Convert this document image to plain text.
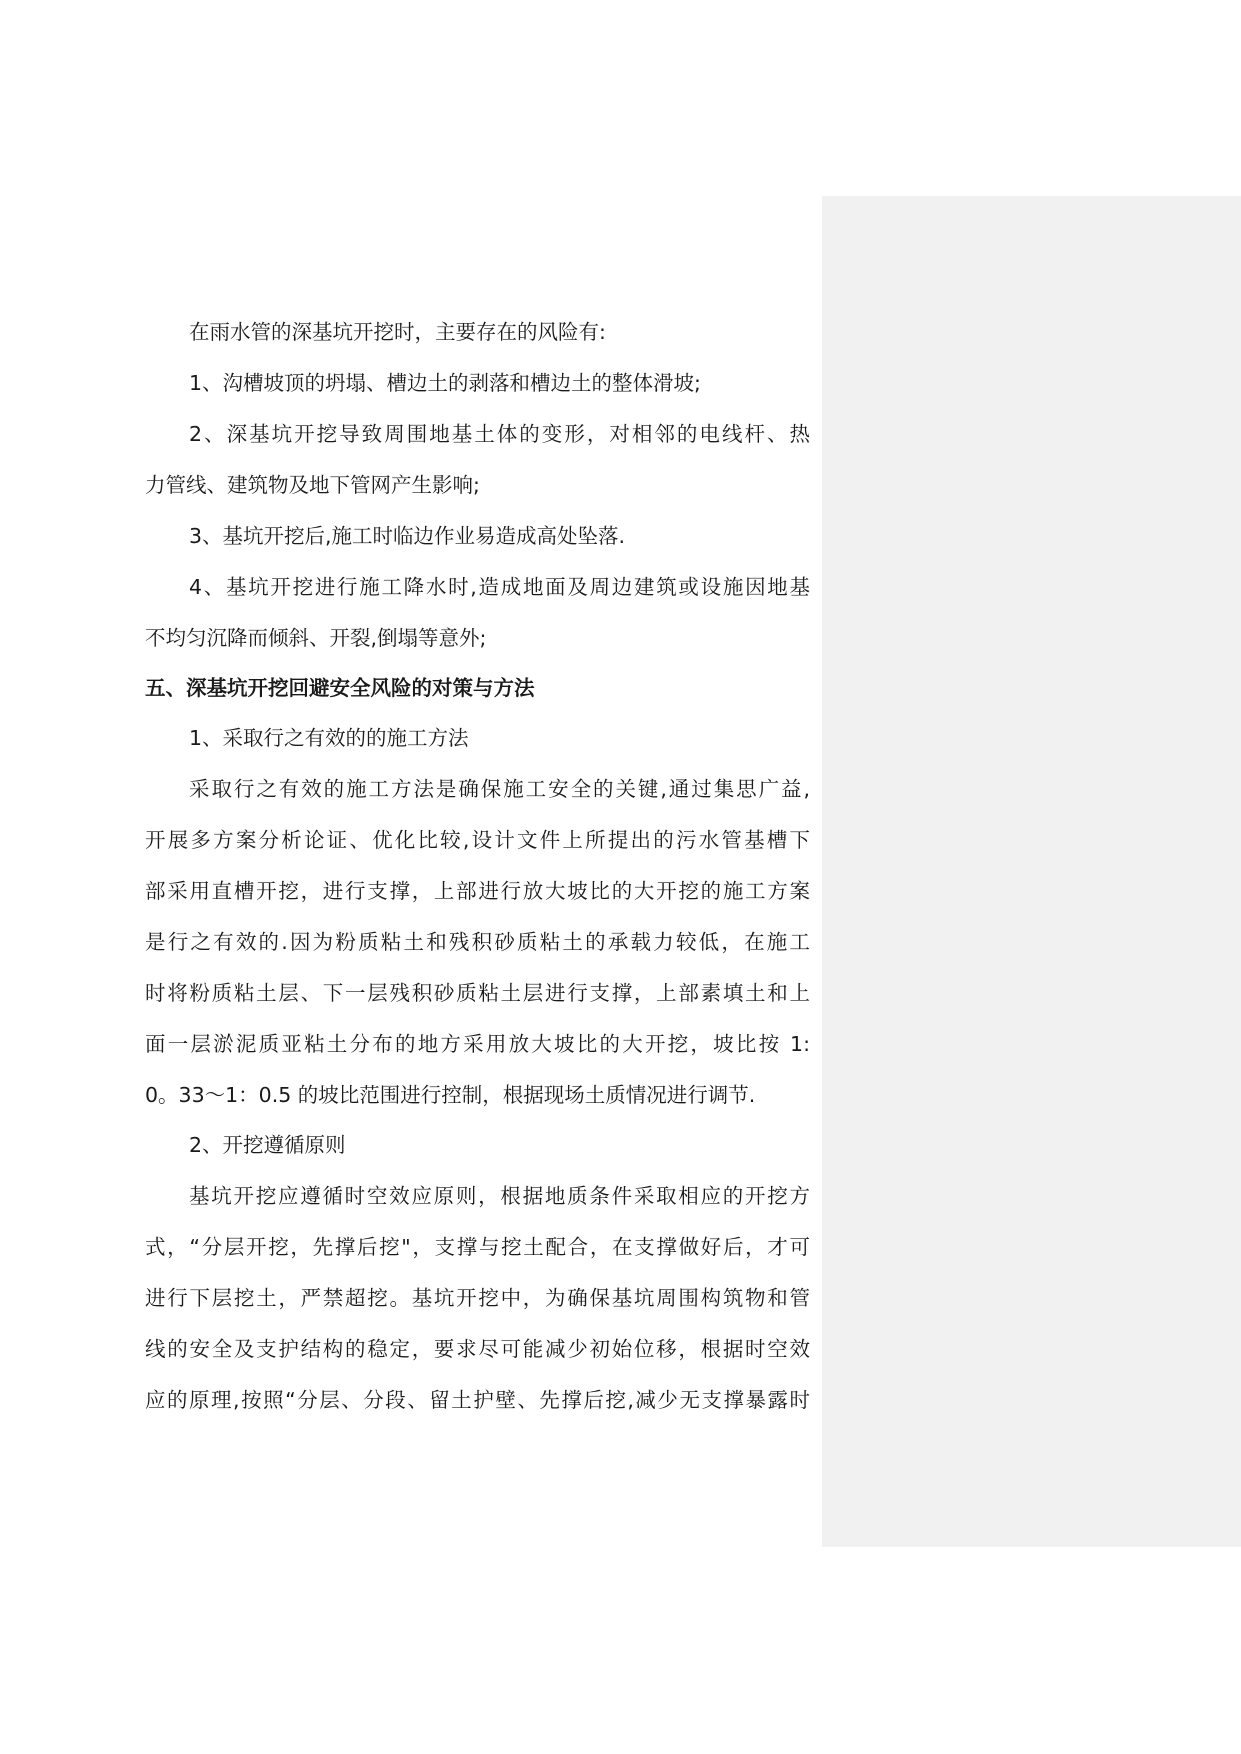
在雨水管的深基坑开挖时，主要存在的风险有:

1、沟槽坡顶的坍塌、槽边土的剥落和槽边土的整体滑坡;

2、深基坑开挖导致周围地基土体的变形，对相邻的电线杆、热

力管线、建筑物及地下管网产生影响;

3、基坑开挖后,施工时临边作业易造成高处坠落.

4、基坑开挖进行施工降水时,造成地面及周边建筑或设施因地基

不均匀沉降而倾斜、开裂,倒塌等意外;

五、深基坑开挖回避安全风险的对策与方法

1、采取行之有效的的施工方法

采取行之有效的施工方法是确保施工安全的关键,通过集思广益,

开展多方案分析论证、优化比较,设计文件上所提出的污水管基槽下

部采用直槽开挖，进行支撑，上部进行放大坡比的大开挖的施工方案

是行之有效的.因为粉质粘土和残积砂质粘土的承载力较低，在施工

时将粉质粘土层、下一层残积砂质粘土层进行支撑，上部素填土和上

面一层淤泥质亚粘土分布的地方采用放大坡比的大开挖，坡比按 1:

0。33～1：0.5 的坡比范围进行控制，根据现场土质情况进行调节.

2、开挖遵循原则

基坑开挖应遵循时空效应原则，根据地质条件采取相应的开挖方

式，“分层开挖，先撑后挖"，支撑与挖土配合，在支撑做好后，才可

进行下层挖土，严禁超挖。基坑开挖中，为确保基坑周围构筑物和管

线的安全及支护结构的稳定，要求尽可能减少初始位移，根据时空效

应的原理,按照“分层、分段、留土护壁、先撑后挖,减少无支撑暴露时
